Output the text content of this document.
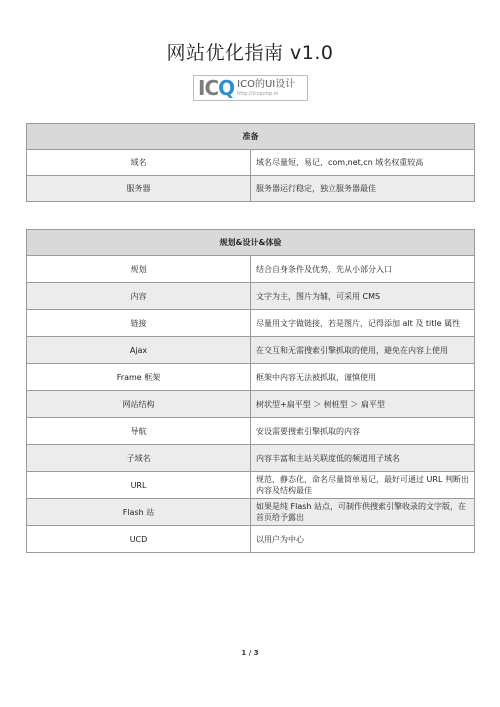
网站优化指南 v1.0
ICQ ICO的UI设计
http://icojump.in
准备	
域名	域名尽量短，易记，com,net,cn 域名权重较高
服务器	服务器运行稳定，独立服务器最佳
规划&设计&体验	
规划	结合自身条件及优势，先从小部分入口
内容	文字为主，图片为辅，可采用 CMS
链接	尽量用文字做链接，若是图片，记得添加 alt 及 title 属性
Ajax	在交互和无需搜索引擎抓取的使用，避免在内容上使用
Frame 框架	框架中内容无法被抓取，谨慎使用
网站结构	树状型+扁平型 ＞ 树桩型 ＞ 扁平型
导航	安设需要搜索引擎抓取的内容
子域名	内容丰富和主站关联度低的频道用子域名
URL	规范，静态化，命名尽量简单易记，最好可通过 URL 判断出内容及结构最佳
Flash 站	如果是纯 Flash 站点，可制作供搜索引擎收录的文字版，在首页给予露出
UCD	以用户为中心
1 / 3
